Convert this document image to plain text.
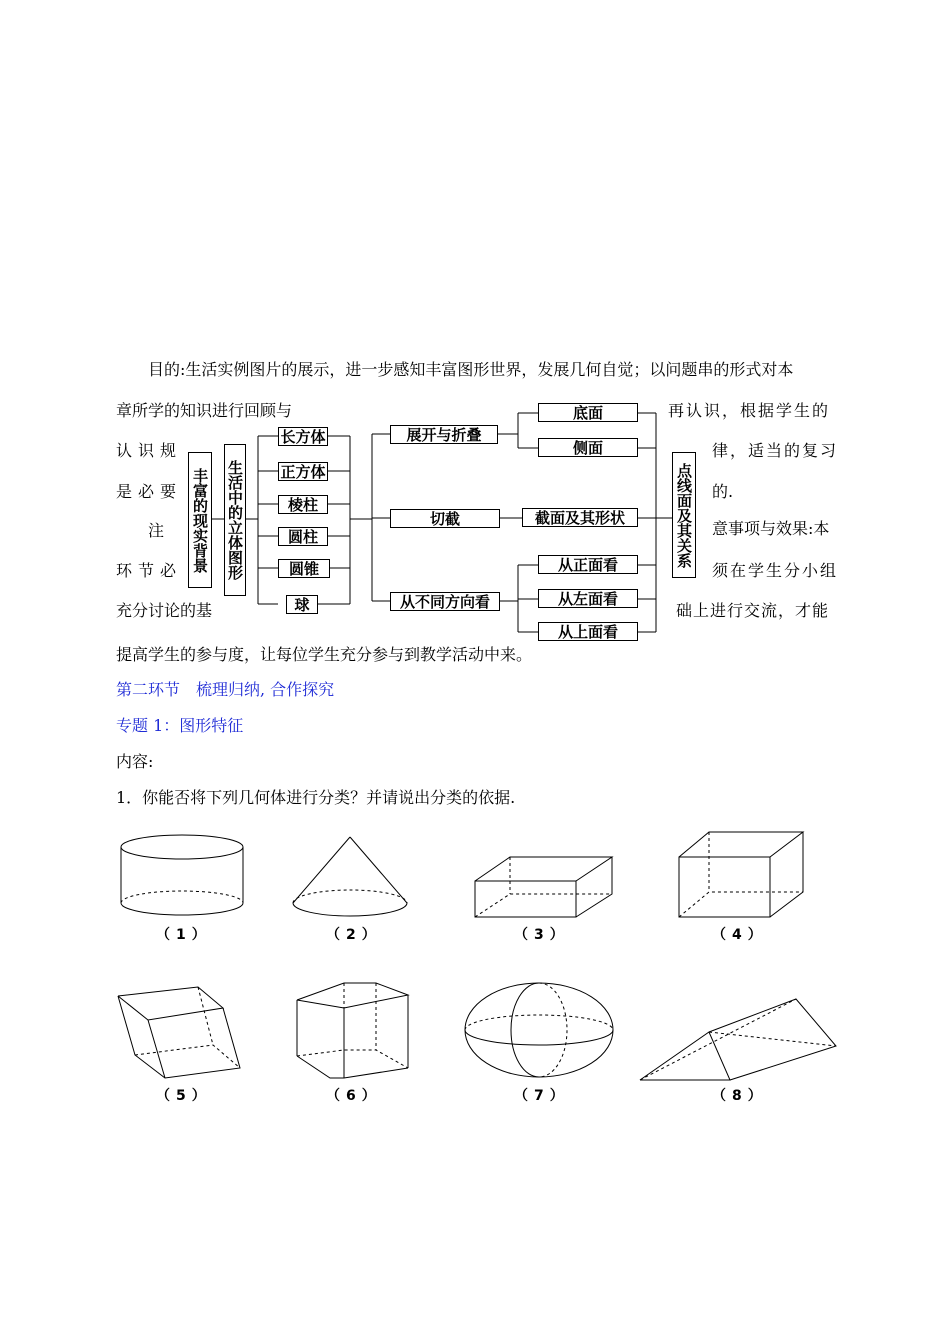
目的:生活实例图片的展示，进一步感知丰富图形世界，发展几何自觉；以问题串的形式对本
章所学的知识进行回顾与	再认识，根据学生的
认识规	律，适当的复习
是必要	的.
注	意事项与效果:本
环节必	须在学生分小组
充分讨论的基	础上进行交流，才能
提高学生的参与度，让每位学生充分参与到教学活动中来。
丰富的现实背景 生活中的立体图形
长方体
正方体
棱柱
圆柱
圆锥
球
展开与折叠
切截
从不同方向看
底面
侧面
截面及其形状
从正面看
从左面看
从上面看
点线面及其关系
第二环节　梳理归纳, 合作探究
专题 1：图形特征
内容:
1．你能否将下列几何体进行分类？并请说出分类的依据.
（1）	（2）	（3）	（4）
（5）	（6）	（7）	（8）
